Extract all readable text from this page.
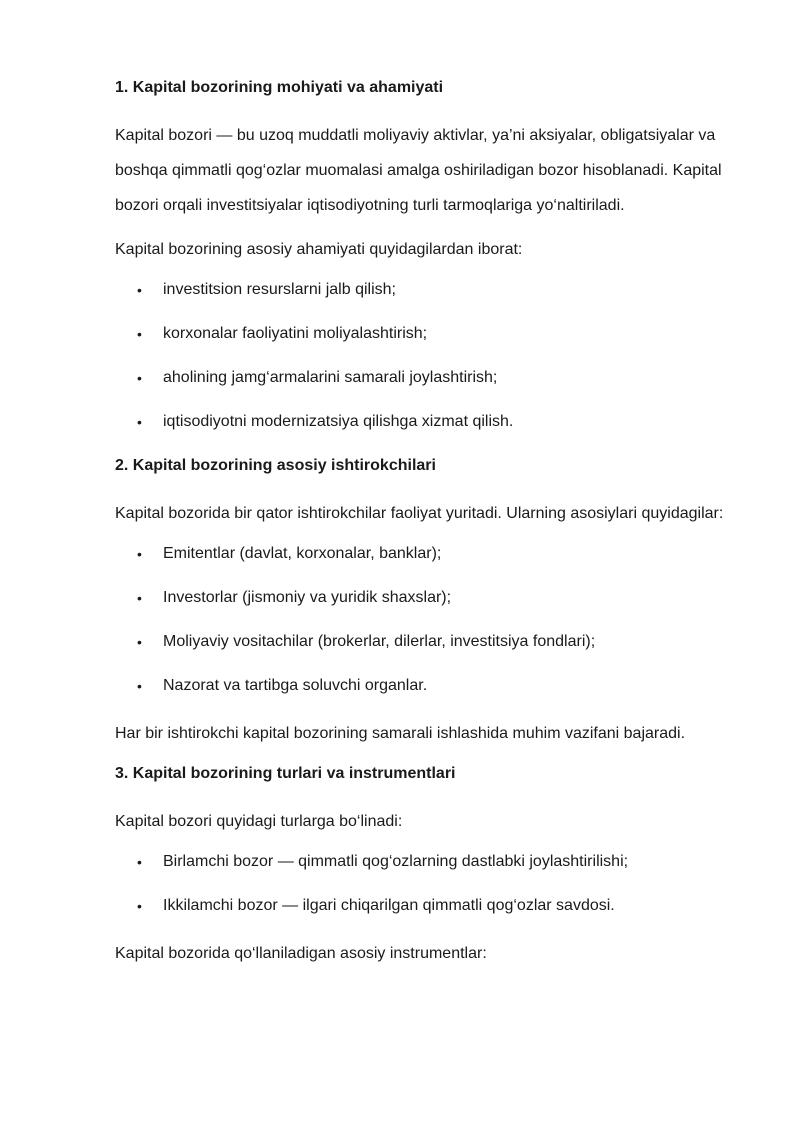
1. Kapital bozorining mohiyati va ahamiyati

Kapital bozori — bu uzoq muddatli moliyaviy aktivlar, ya’ni aksiyalar, obligatsiyalar va boshqa qimmatli qog‘ozlar muomalasi amalga oshiriladigan bozor hisoblanadi. Kapital bozori orqali investitsiyalar iqtisodiyotning turli tarmoqlariga yo‘naltiriladi.

Kapital bozorining asosiy ahamiyati quyidagilardan iborat:

• investitsion resurslarni jalb qilish;
• korxonalar faoliyatini moliyalashtirish;
• aholining jamg‘armalarini samarali joylashtirish;
• iqtisodiyotni modernizatsiya qilishga xizmat qilish.
2. Kapital bozorining asosiy ishtirokchilari

Kapital bozorida bir qator ishtirokchilar faoliyat yuritadi. Ularning asosiylari quyidagilar:

• Emitentlar (davlat, korxonalar, banklar);
• Investorlar (jismoniy va yuridik shaxslar);
• Moliyaviy vositachilar (brokerlar, dilerlar, investitsiya fondlari);
• Nazorat va tartibga soluvchi organlar.

Har bir ishtirokchi kapital bozorining samarali ishlashida muhim vazifani bajaradi.

3. Kapital bozorining turlari va instrumentlari

Kapital bozori quyidagi turlarga bo‘linadi:

• Birlamchi bozor — qimmatli qog‘ozlarning dastlabki joylashtirilishi;
• Ikkilamchi bozor — ilgari chiqarilgan qimmatli qog‘ozlar savdosi.

Kapital bozorida qo‘llaniladigan asosiy instrumentlar:
